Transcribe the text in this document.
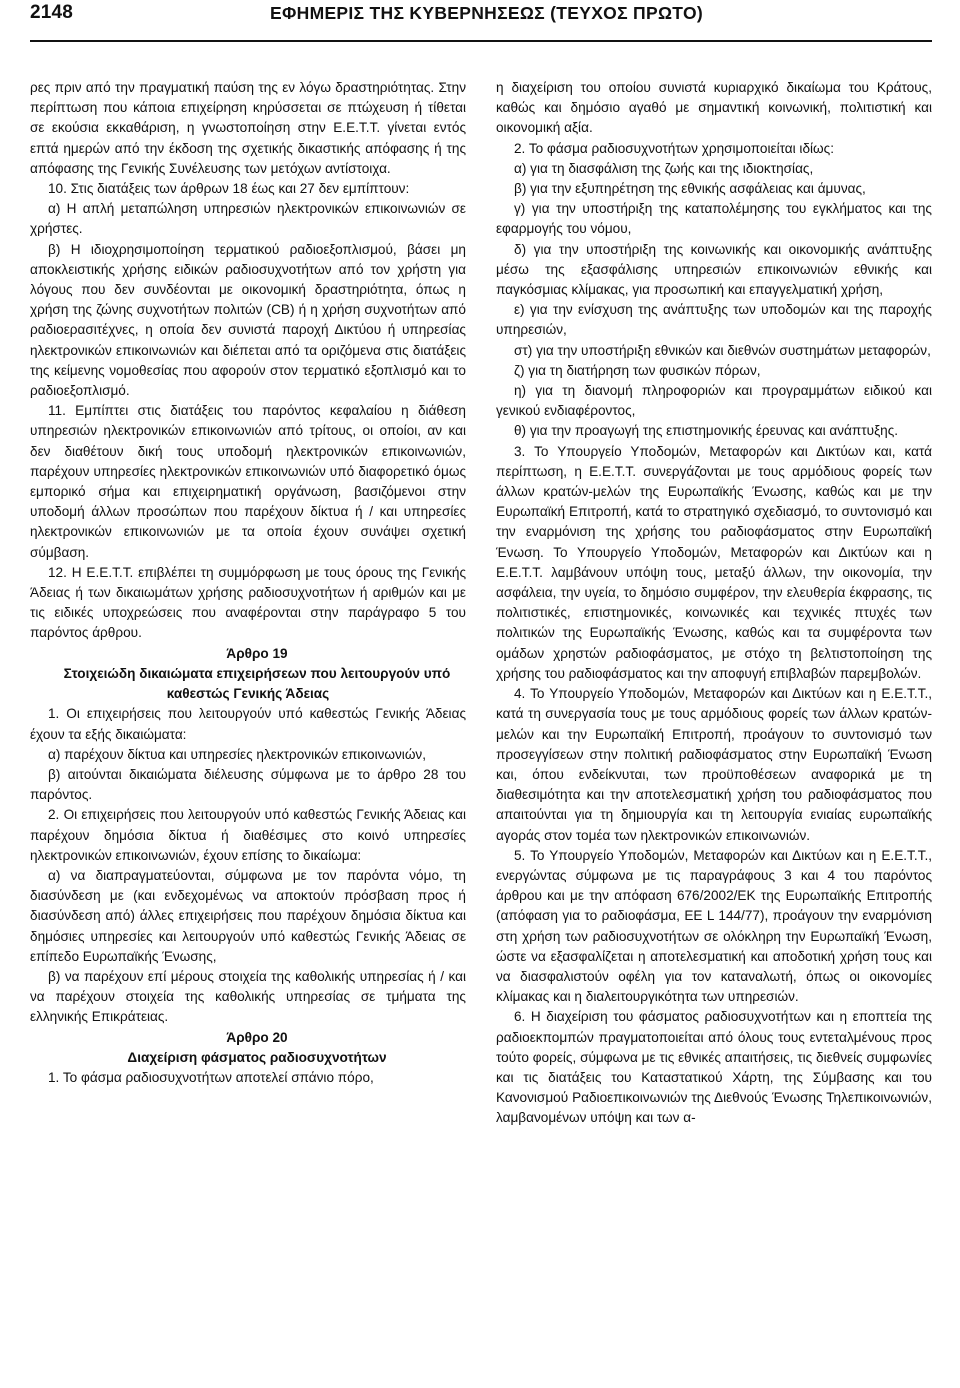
2148	ΕΦΗΜΕΡΙΣ ΤΗΣ ΚΥΒΕΡΝΗΣΕΩΣ (ΤΕΥΧΟΣ ΠΡΩΤΟ)

ρες πριν από την πραγματική παύση της εν λόγω δραστηριότητας. Στην περίπτωση που κάποια επιχείρηση κηρύσσεται σε πτώχευση ή τίθεται σε εκούσια εκκαθάριση, η γνωστοποίηση στην Ε.Ε.Τ.Τ. γίνεται εντός επτά ημερών από την έκδοση της σχετικής δικαστικής απόφασης ή της απόφασης της Γενικής Συνέλευσης των μετόχων αντίστοιχα.

10. Στις διατάξεις των άρθρων 18 έως και 27 δεν εμπίπτουν:

α) Η απλή μεταπώληση υπηρεσιών ηλεκτρονικών επικοινωνιών σε χρήστες.

β) Η ιδιοχρησιμοποίηση τερματικού ραδιοεξοπλισμού, βάσει μη αποκλειστικής χρήσης ειδικών ραδιοσυχνοτήτων από τον χρήστη για λόγους που δεν συνδέονται με οικονομική δραστηριότητα, όπως η χρήση της ζώνης συχνοτήτων πολιτών (CB) ή η χρήση συχνοτήτων από ραδιοερασιτέχνες, η οποία δεν συνιστά παροχή Δικτύου ή υπηρεσίας ηλεκτρονικών επικοινωνιών και διέπεται από τα οριζόμενα στις διατάξεις της κείμενης νομοθεσίας που αφορούν στον τερματικό εξοπλισμό και το ραδιοεξοπλισμό.

11. Εμπίπτει στις διατάξεις του παρόντος κεφαλαίου η διάθεση υπηρεσιών ηλεκτρονικών επικοινωνιών από τρίτους, οι οποίοι, αν και δεν διαθέτουν δική τους υποδομή ηλεκτρονικών επικοινωνιών, παρέχουν υπηρεσίες ηλεκτρονικών επικοινωνιών υπό διαφορετικό όμως εμπορικό σήμα και επιχειρηματική οργάνωση, βασιζόμενοι στην υποδομή άλλων προσώπων που παρέχουν δίκτυα ή / και υπηρεσίες ηλεκτρονικών επικοινωνιών με τα οποία έχουν συνάψει σχετική σύμβαση.

12. Η Ε.Ε.Τ.Τ. επιβλέπει τη συμμόρφωση με τους όρους της Γενικής Άδειας ή των δικαιωμάτων χρήσης ραδιοσυχνοτήτων ή αριθμών και με τις ειδικές υποχρεώσεις που αναφέρονται στην παράγραφο 5 του παρόντος άρθρου.

Άρθρο 19

Στοιχειώδη δικαιώματα επιχειρήσεων που λειτουργούν υπό καθεστώς Γενικής Άδειας

1. Οι επιχειρήσεις που λειτουργούν υπό καθεστώς Γενικής Άδειας έχουν τα εξής δικαιώματα:

α) παρέχουν δίκτυα και υπηρεσίες ηλεκτρονικών επικοινωνιών,

β) αιτούνται δικαιώματα διέλευσης σύμφωνα με το άρθρο 28 του παρόντος.

2. Οι επιχειρήσεις που λειτουργούν υπό καθεστώς Γενικής Άδειας και παρέχουν δημόσια δίκτυα ή διαθέσιμες στο κοινό υπηρεσίες ηλεκτρονικών επικοινωνιών, έχουν επίσης το δικαίωμα:

α) να διαπραγματεύονται, σύμφωνα με τον παρόντα νόμο, τη διασύνδεση με (και ενδεχομένως να αποκτούν πρόσβαση προς ή διασύνδεση από) άλλες επιχειρήσεις που παρέχουν δημόσια δίκτυα και δημόσιες υπηρεσίες και λειτουργούν υπό καθεστώς Γενικής Άδειας σε επίπεδο Ευρωπαϊκής Ένωσης,

β) να παρέχουν επί μέρους στοιχεία της καθολικής υπηρεσίας ή / και να παρέχουν στοιχεία της καθολικής υπηρεσίας σε τμήματα της ελληνικής Επικράτειας.

Άρθρο 20

Διαχείριση φάσματος ραδιοσυχνοτήτων

1. Το φάσμα ραδιοσυχνοτήτων αποτελεί σπάνιο πόρο,

η διαχείριση του οποίου συνιστά κυριαρχικό δικαίωμα του Κράτους, καθώς και δημόσιο αγαθό με σημαντική κοινωνική, πολιτιστική και οικονομική αξία.

2. Το φάσμα ραδιοσυχνοτήτων χρησιμοποιείται ιδίως:

α) για τη διασφάλιση της ζωής και της ιδιοκτησίας,

β) για την εξυπηρέτηση της εθνικής ασφάλειας και άμυνας,

γ) για την υποστήριξη της καταπολέμησης του εγκλήματος και της εφαρμογής του νόμου,

δ) για την υποστήριξη της κοινωνικής και οικονομικής ανάπτυξης μέσω της εξασφάλισης υπηρεσιών επικοινωνιών εθνικής και παγκόσμιας κλίμακας, για προσωπική και επαγγελματική χρήση,

ε) για την ενίσχυση της ανάπτυξης των υποδομών και της παροχής υπηρεσιών,

στ) για την υποστήριξη εθνικών και διεθνών συστημάτων μεταφορών,

ζ) για τη διατήρηση των φυσικών πόρων,

η) για τη διανομή πληροφοριών και προγραμμάτων ειδικού και γενικού ενδιαφέροντος,

θ) για την προαγωγή της επιστημονικής έρευνας και ανάπτυξης.

3. Το Υπουργείο Υποδομών, Μεταφορών και Δικτύων και, κατά περίπτωση, η Ε.Ε.Τ.Τ. συνεργάζονται με τους αρμόδιους φορείς των άλλων κρατών-μελών της Ευρωπαϊκής Ένωσης, καθώς και με την Ευρωπαϊκή Επιτροπή, κατά το στρατηγικό σχεδιασμό, το συντονισμό και την εναρμόνιση της χρήσης του ραδιοφάσματος στην Ευρωπαϊκή Ένωση. Το Υπουργείο Υποδομών, Μεταφορών και Δικτύων και η Ε.Ε.Τ.Τ. λαμβάνουν υπόψη τους, μεταξύ άλλων, την οικονομία, την ασφάλεια, την υγεία, το δημόσιο συμφέρον, την ελευθερία έκφρασης, τις πολιτιστικές, επιστημονικές, κοινωνικές και τεχνικές πτυχές των πολιτικών της Ευρωπαϊκής Ένωσης, καθώς και τα συμφέροντα των ομάδων χρηστών ραδιοφάσματος, με στόχο τη βελτιστοποίηση της χρήσης του ραδιοφάσματος και την αποφυγή επιβλαβών παρεμβολών.

4. Το Υπουργείο Υποδομών, Μεταφορών και Δικτύων και η Ε.Ε.Τ.Τ., κατά τη συνεργασία τους με τους αρμόδιους φορείς των άλλων κρατών-μελών και την Ευρωπαϊκή Επιτροπή, προάγουν το συντονισμό των προσεγγίσεων στην πολιτική ραδιοφάσματος στην Ευρωπαϊκή Ένωση και, όπου ενδείκνυται, των προϋποθέσεων αναφορικά με τη διαθεσιμότητα και την αποτελεσματική χρήση του ραδιοφάσματος που απαιτούνται για τη δημιουργία και τη λειτουργία ενιαίας ευρωπαϊκής αγοράς στον τομέα των ηλεκτρονικών επικοινωνιών.

5. Το Υπουργείο Υποδομών, Μεταφορών και Δικτύων και η Ε.Ε.Τ.Τ., ενεργώντας σύμφωνα με τις παραγράφους 3 και 4 του παρόντος άρθρου και με την απόφαση 676/2002/ΕΚ της Ευρωπαϊκής Επιτροπής (απόφαση για το ραδιοφάσμα, ΕΕ L 144/77), προάγουν την εναρμόνιση στη χρήση των ραδιοσυχνοτήτων σε ολόκληρη την Ευρωπαϊκή Ένωση, ώστε να εξασφαλίζεται η αποτελεσματική και αποδοτική χρήση τους και να διασφαλιστούν οφέλη για τον καταναλωτή, όπως οι οικονομίες κλίμακας και η διαλειτουργικότητα των υπηρεσιών.

6. Η διαχείριση του φάσματος ραδιοσυχνοτήτων και η εποπτεία της ραδιοεκπομπών πραγματοποιείται από όλους τους εντεταλμένους προς τούτο φορείς, σύμφωνα με τις εθνικές απαιτήσεις, τις διεθνείς συμφωνίες και τις διατάξεις του Καταστατικού Χάρτη, της Σύμβασης και του Κανονισμού Ραδιοεπικοινωνιών της Διεθνούς Ένωσης Τηλεπικοινωνιών, λαμβανομένων υπόψη και των α-
